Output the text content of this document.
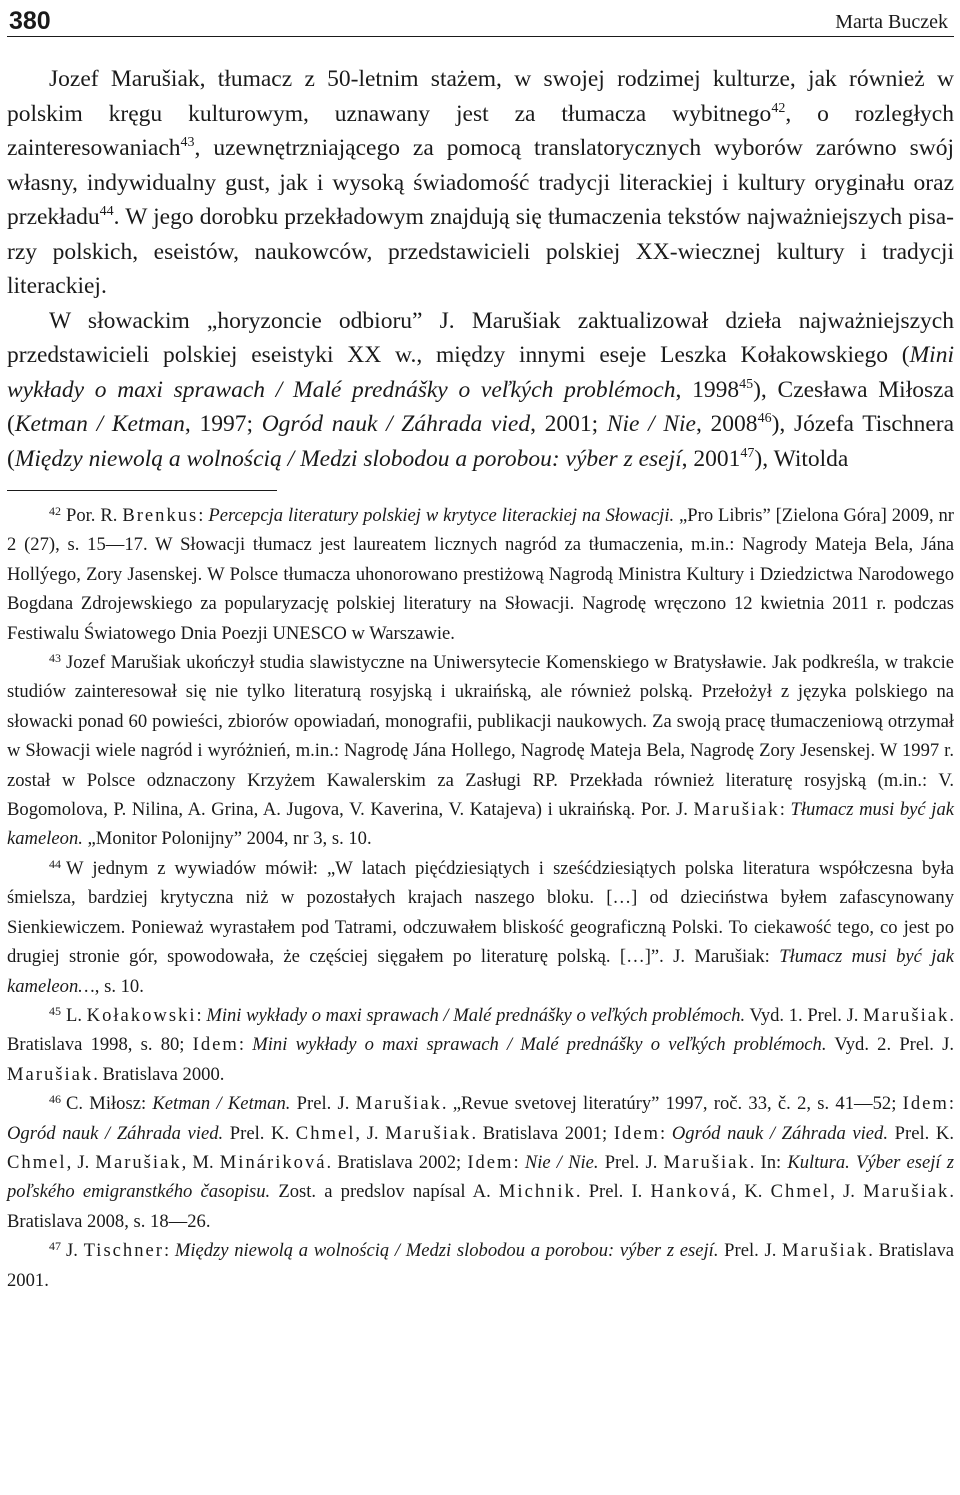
380	Marta Buczek

Jozef Marušiak, tłumacz z 50-letnim stażem, w swojej rodzimej kulturze, jak również w polskim kręgu kulturowym, uznawany jest za tłumacza wybitnego$^{42}$, o rozległych zainteresowaniach$^{43}$, uzewnętrzniającego za pomocą translatorycznych wyborów zarówno swój własny, indywidualny gust, jak i wysoką świadomość tradycji literackiej i kultury oryginału oraz przekładu$^{44}$. W jego dorobku przekładowym znajdują się tłumaczenia tekstów najważniejszych pisarzy polskich, eseistów, naukowców, przedstawicieli polskiej XX-wiecznej kultury i tradycji literackiej.

W słowackim „horyzoncie odbioru” J. Marušiak zaktualizował dzieła najważniejszych przedstawicieli polskiej eseistyki XX w., między innymi eseje Leszka Kołakowskiego (Mini wykłady o maxi sprawach / Malé prednášky o veľkých problémoch, 1998$^{45}$), Czesława Miłosza (Ketman / Ketman, 1997; Ogród nauk / Záhrada vied, 2001; Nie / Nie, 2008$^{46}$), Józefa Tischnera (Między niewolą a wolnością / Medzi slobodou a porobou: výber z esejí, 2001$^{47}$), Witolda

$^{42}$ Por. R. Brenkus: Percepcja literatury polskiej w krytyce literackiej na Słowacji. „Pro Libris” [Zielona Góra] 2009, nr 2 (27), s. 15—17. W Słowacji tłumacz jest laureatem licznych nagród za tłumaczenia, m.in.: Nagrody Mateja Bela, Jána Hollýego, Zory Jasenskej. W Polsce tłumacza uhonorowano prestiżową Nagrodą Ministra Kultury i Dziedzictwa Narodowego Bogdana Zdrojewskiego za popularyzację polskiej literatury na Słowacji. Nagrodę wręczono 12 kwietnia 2011 r. podczas Festiwalu Światowego Dnia Poezji UNESCO w Warszawie.

$^{43}$ Jozef Marušiak ukończył studia slawistyczne na Uniwersytecie Komenskiego w Bratysławie. Jak podkreśla, w trakcie studiów zainteresował się nie tylko literaturą rosyjską i ukraińską, ale również polską. Przełożył z języka polskiego na słowacki ponad 60 powieści, zbiorów opowiadań, monografii, publikacji naukowych. Za swoją pracę tłumaczeniową otrzymał w Słowacji wiele nagród i wyróżnień, m.in.: Nagrodę Jána Hollego, Nagrodę Mateja Bela, Nagrodę Zory Jesenskej. W 1997 r. został w Polsce odznaczony Krzyżem Kawalerskim za Zasługi RP. Przekłada również literaturę rosyjską (m.in.: V. Bogomolova, P. Nilina, A. Grina, A. Jugova, V. Kaverina, V. Katajeva) i ukraińską. Por. J. Marušiak: Tłumacz musi być jak kameleon. „Monitor Polonijny” 2004, nr 3, s. 10.

$^{44}$ W jednym z wywiadów mówił: „W latach pięćdziesiątych i sześćdziesiątych polska literatura współczesna była śmielsza, bardziej krytyczna niż w pozostałych krajach naszego bloku. […] od dzieciństwa byłem zafascynowany Sienkiewiczem. Ponieważ wyrastałem pod Tatrami, odczuwałem bliskość geograficzną Polski. To ciekawość tego, co jest po drugiej stronie gór, spowodowała, że częściej sięgałem po literaturę polską. […]”. J. Marušiak: Tłumacz musi być jak kameleon…, s. 10.

$^{45}$ L. Kołakowski: Mini wykłady o maxi sprawach / Malé prednášky o veľkých problémoch. Vyd. 1. Prel. J. Marušiak. Bratislava 1998, s. 80; Idem: Mini wykłady o maxi sprawach / Malé prednášky o veľkých problémoch. Vyd. 2. Prel. J. Marušiak. Bratislava 2000.

$^{46}$ C. Miłosz: Ketman / Ketman. Prel. J. Marušiak. „Revue svetovej literatúry” 1997, roč. 33, č. 2, s. 41—52; Idem: Ogród nauk / Záhrada vied. Prel. K. Chmel, J. Marušiak. Bratislava 2001; Idem: Ogród nauk / Záhrada vied. Prel. K. Chmel, J. Marušiak, M. Mináriková. Bratislava 2002; Idem: Nie / Nie. Prel. J. Marušiak. In: Kultura. Výber esejí z poľského emigranstkého časopisu. Zost. a predslov napísal A. Michnik. Prel. I. Hanková, K. Chmel, J. Marušiak. Bratislava 2008, s. 18—26.

$^{47}$ J. Tischner: Między niewolą a wolnością / Medzi slobodou a porobou: výber z esejí. Prel. J. Marušiak. Bratislava 2001.
